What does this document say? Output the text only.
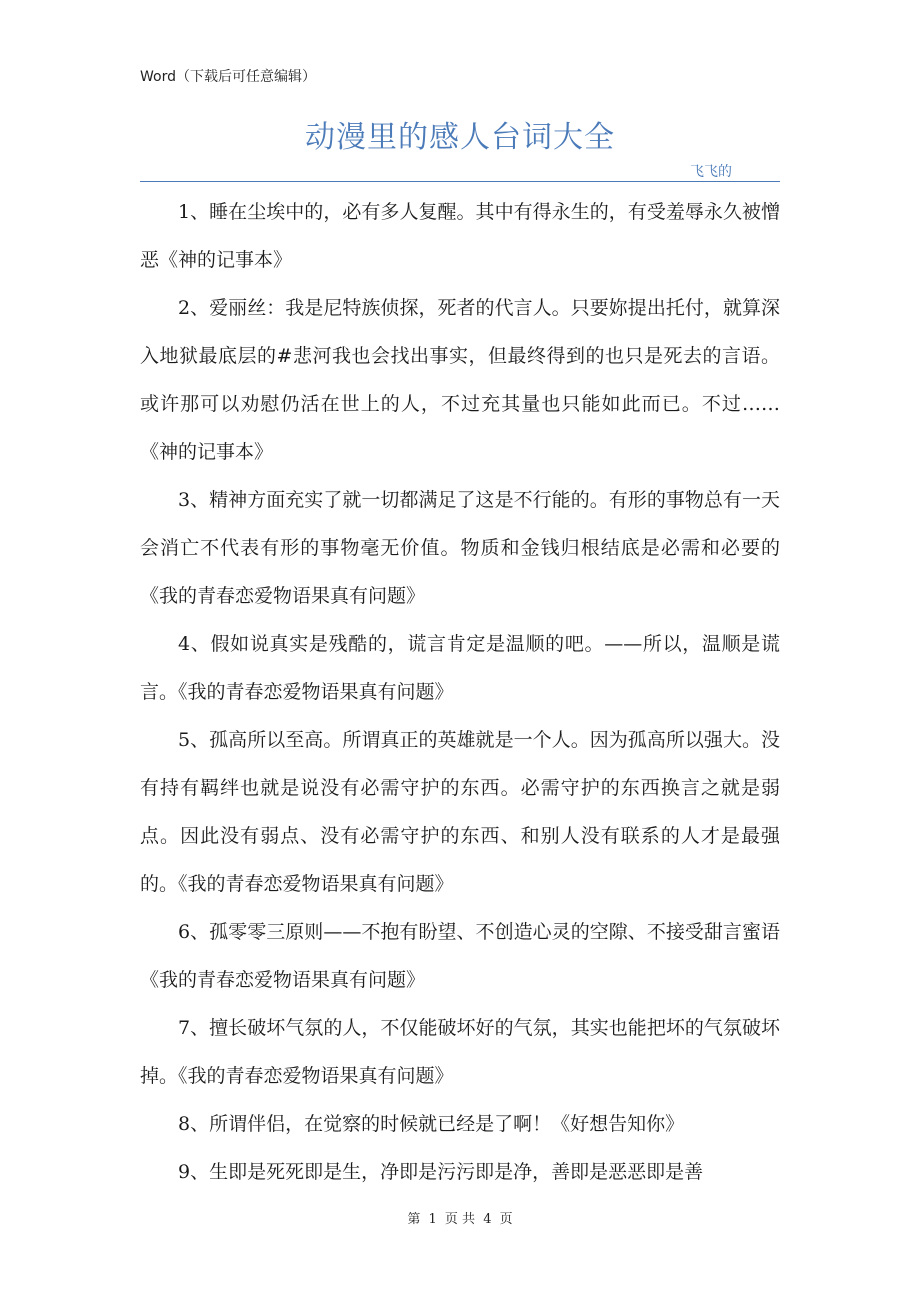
Word（下载后可任意编辑）
动漫里的感人台词大全
飞飞的

1、睡在尘埃中的，必有多人复醒。其中有得永生的，有受羞辱永久被憎恶《神的记事本》

2、爱丽丝：我是尼特族侦探，死者的代言人。只要妳提出托付，就算深入地狱最底层的#悲河我也会找出事实，但最终得到的也只是死去的言语。或许那可以劝慰仍活在世上的人，不过充其量也只能如此而已。不过……《神的记事本》

3、精神方面充实了就一切都满足了这是不行能的。有形的事物总有一天会消亡不代表有形的事物毫无价值。物质和金钱归根结底是必需和必要的《我的青春恋爱物语果真有问题》

4、假如说真实是残酷的，谎言肯定是温顺的吧。——所以，温顺是谎言。《我的青春恋爱物语果真有问题》

5、孤高所以至高。所谓真正的英雄就是一个人。因为孤高所以强大。没有持有羁绊也就是说没有必需守护的东西。必需守护的东西换言之就是弱点。因此没有弱点、没有必需守护的东西、和别人没有联系的人才是最强的。《我的青春恋爱物语果真有问题》

6、孤零零三原则——不抱有盼望、不创造心灵的空隙、不接受甜言蜜语《我的青春恋爱物语果真有问题》

7、擅长破坏气氛的人，不仅能破坏好的气氛，其实也能把坏的气氛破坏掉。《我的青春恋爱物语果真有问题》

8、所谓伴侣，在觉察的时候就已经是了啊！《好想告知你》

9、生即是死死即是生，净即是污污即是净，善即是恶恶即是善

第 1 页 共 4 页
